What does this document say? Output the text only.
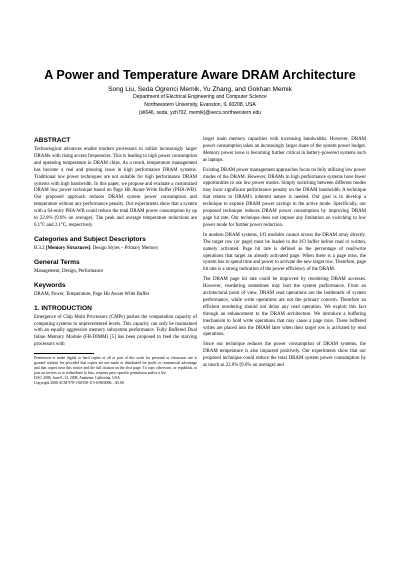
A Power and Temperature Aware DRAM Architecture
Song Liu, Seda Ogrenci Memik, Yu Zhang, and Gokhan Memik
Department of Electrical Engineering and Computer Science
Northwestern University, Evanston, IL 60208, USA
{sli646, seda, yzh702, memik}@eecs.northwestern.edu
ABSTRACT

Technological advances enable modern processors to utilize increasingly larger DRAMs with rising access frequencies. This is leading to high power consumption and operating temperature in DRAM chips. As a result, temperature management has become a real and pressing issue in high performance DRAM systems. Traditional low power techniques are not suitable for high performance DRAM systems with high bandwidth. In this paper, we propose and evaluate a customized DRAM low power technique based on Page Hit Aware Write Buffer (PHA-WB). Our proposed approach reduces DRAM system power consumption and temperature without any performance penalty. Our experiments show that a system with a 64-entry PHA-WB could reduce the total DRAM power consumption by up to 22.0% (9.6% on average). The peak and average temperature reductions are 6.1°C and 2.1°C, respectively.

Categories and Subject Descriptors

B.3.2 [Memory Structures]: Design Styles – Primary Memory

General Terms

Management, Design, Performance

Keywords

DRAM, Power, Temperature, Page Hit Aware Write Buffer

1. INTRODUCTION

Emergence of Chip Multi Processors (CMPs) pushes the computation capacity of computing systems to unprecedented levels. This capacity can only be maintained with an equally aggressive memory subsystem performance. Fully Buffered Dual Inline Memory Module (FB-DIMM) [5] has been proposed to feed the starving processors with

Permission to make digital or hard copies of all or part of this work for personal or classroom use is granted without fee provided that copies are not made or distributed for profit or commercial advantage and that copies bear this notice and the full citation on the first page. To copy otherwise, or republish, to post on servers or to redistribute to lists, requires prior specific permission and/or a fee.

DAC 2008, June 8–13, 2008, Anaheim, California, USA

Copyright 2008 ACM 978-1-60558-115-6/08/0006…$5.00

larger main memory capacities with increasing bandwidths. However, DRAM power consumption takes an increasingly larger share of the system power budget. Memory power issue is becoming further critical in battery-powered systems such as laptops.

Existing DRAM power management approaches focus on fully utilizing low power modes of the DRAM. However, DRAMs in high performance systems have fewer opportunities to use low power modes. Simply switching between different modes may incur significant performance penalty on the DRAM bandwidth. A technique that relates to DRAM's inherent nature is needed. Our goal is to develop a technique to explore DRAM power savings in the active mode. Specifically, our proposed technique reduces DRAM power consumption by improving DRAM page hit rate. Our technique does not impose any limitation on switching to low power mode for further power reduction.

In modern DRAM systems, I/O modules cannot access the DRAM array directly. The target row (or page) must be loaded to the I/O buffer before read or written, namely activated. Page hit rate is defined as the percentage of read/write operations that target an already activated page. When there is a page miss, the system has to spend time and power to activate the new target row. Therefore, page hit rate is a strong indication of the power efficiency of the DRAM.

The DRAM page hit rate could be improved by reordering DRAM accesses. However, reordering sometimes may hurt the system performance. From an architectural point of view, DRAM read operations are the bottleneck of system performance, while write operations are not the primary concern. Therefore an efficient reordering should not delay any read operation. We exploit this fact through an enhancement to the DRAM architecture. We introduce a buffering mechanism to hold write operations that may cause a page miss. These buffered writes are placed into the DRAM later when their target row is activated by read operations.

Since our technique reduces the power consumption of DRAM systems, the DRAM temperature is also impacted positively. Our experiments show that our proposed technique could reduce the total DRAM system power consumption by as much as 22.0% (9.6% on average) and
